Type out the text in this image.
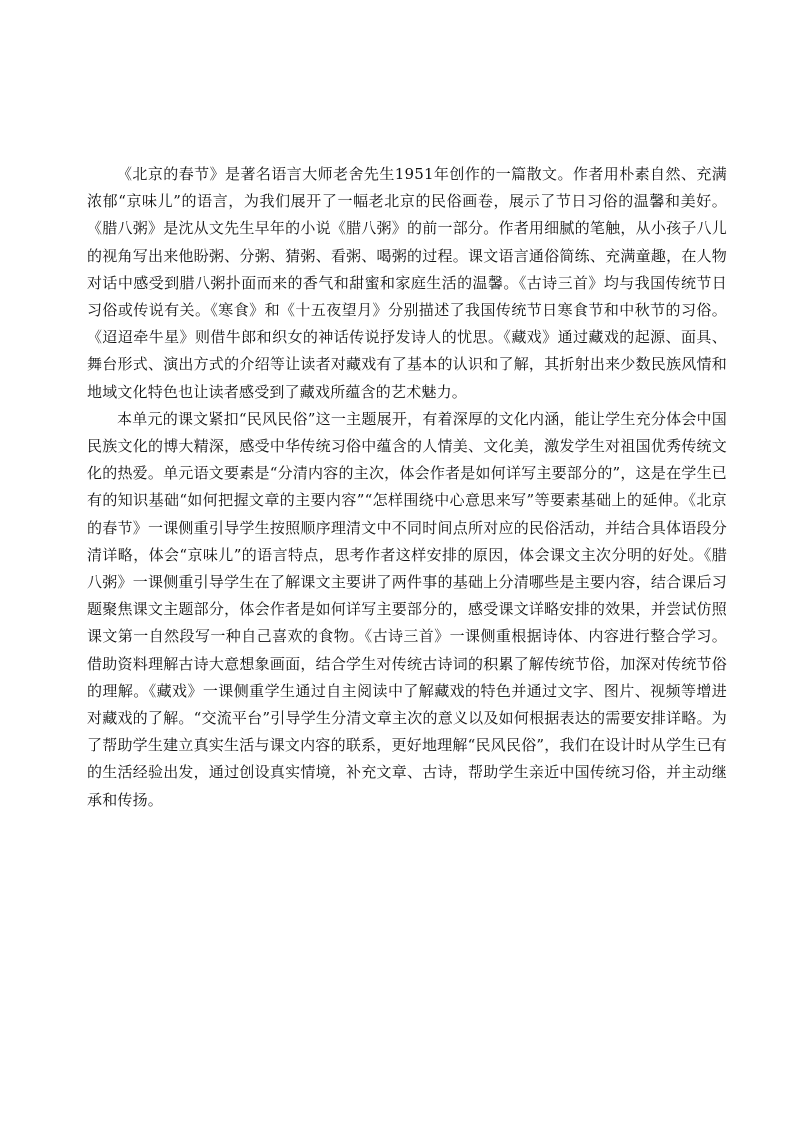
《北京的春节》是著名语言大师老舍先生1951年创作的一篇散文。作者用朴素自然、充满浓郁“京味儿”的语言，为我们展开了一幅老北京的民俗画卷，展示了节日习俗的温馨和美好。《腊八粥》是沈从文先生早年的小说《腊八粥》的前一部分。作者用细腻的笔触，从小孩子八儿的视角写出来他盼粥、分粥、猜粥、看粥、喝粥的过程。课文语言通俗简练、充满童趣，在人物对话中感受到腊八粥扑面而来的香气和甜蜜和家庭生活的温馨。《古诗三首》均与我国传统节日习俗或传说有关。《寒食》和《十五夜望月》分别描述了我国传统节日寒食节和中秋节的习俗。《迢迢牵牛星》则借牛郎和织女的神话传说抒发诗人的忧思。《藏戏》通过藏戏的起源、面具、舞台形式、演出方式的介绍等让读者对藏戏有了基本的认识和了解，其折射出来少数民族风情和地域文化特色也让读者感受到了藏戏所蕴含的艺术魅力。

本单元的课文紧扣“民风民俗”这一主题展开，有着深厚的文化内涵，能让学生充分体会中国民族文化的博大精深，感受中华传统习俗中蕴含的人情美、文化美，激发学生对祖国优秀传统文化的热爱。单元语文要素是“分清内容的主次，体会作者是如何详写主要部分的”，这是在学生已有的知识基础“如何把握文章的主要内容”“怎样围绕中心意思来写”等要素基础上的延伸。《北京的春节》一课侧重引导学生按照顺序理清文中不同时间点所对应的民俗活动，并结合具体语段分清详略，体会“京味儿”的语言特点，思考作者这样安排的原因，体会课文主次分明的好处。《腊八粥》一课侧重引导学生在了解课文主要讲了两件事的基础上分清哪些是主要内容，结合课后习题聚焦课文主题部分，体会作者是如何详写主要部分的，感受课文详略安排的效果，并尝试仿照课文第一自然段写一种自己喜欢的食物。《古诗三首》一课侧重根据诗体、内容进行整合学习。借助资料理解古诗大意想象画面，结合学生对传统古诗词的积累了解传统节俗，加深对传统节俗的理解。《藏戏》一课侧重学生通过自主阅读中了解藏戏的特色并通过文字、图片、视频等增进对藏戏的了解。“交流平台”引导学生分清文章主次的意义以及如何根据表达的需要安排详略。为了帮助学生建立真实生活与课文内容的联系，更好地理解“民风民俗”，我们在设计时从学生已有的生活经验出发，通过创设真实情境，补充文章、古诗，帮助学生亲近中国传统习俗，并主动继承和传扬。
